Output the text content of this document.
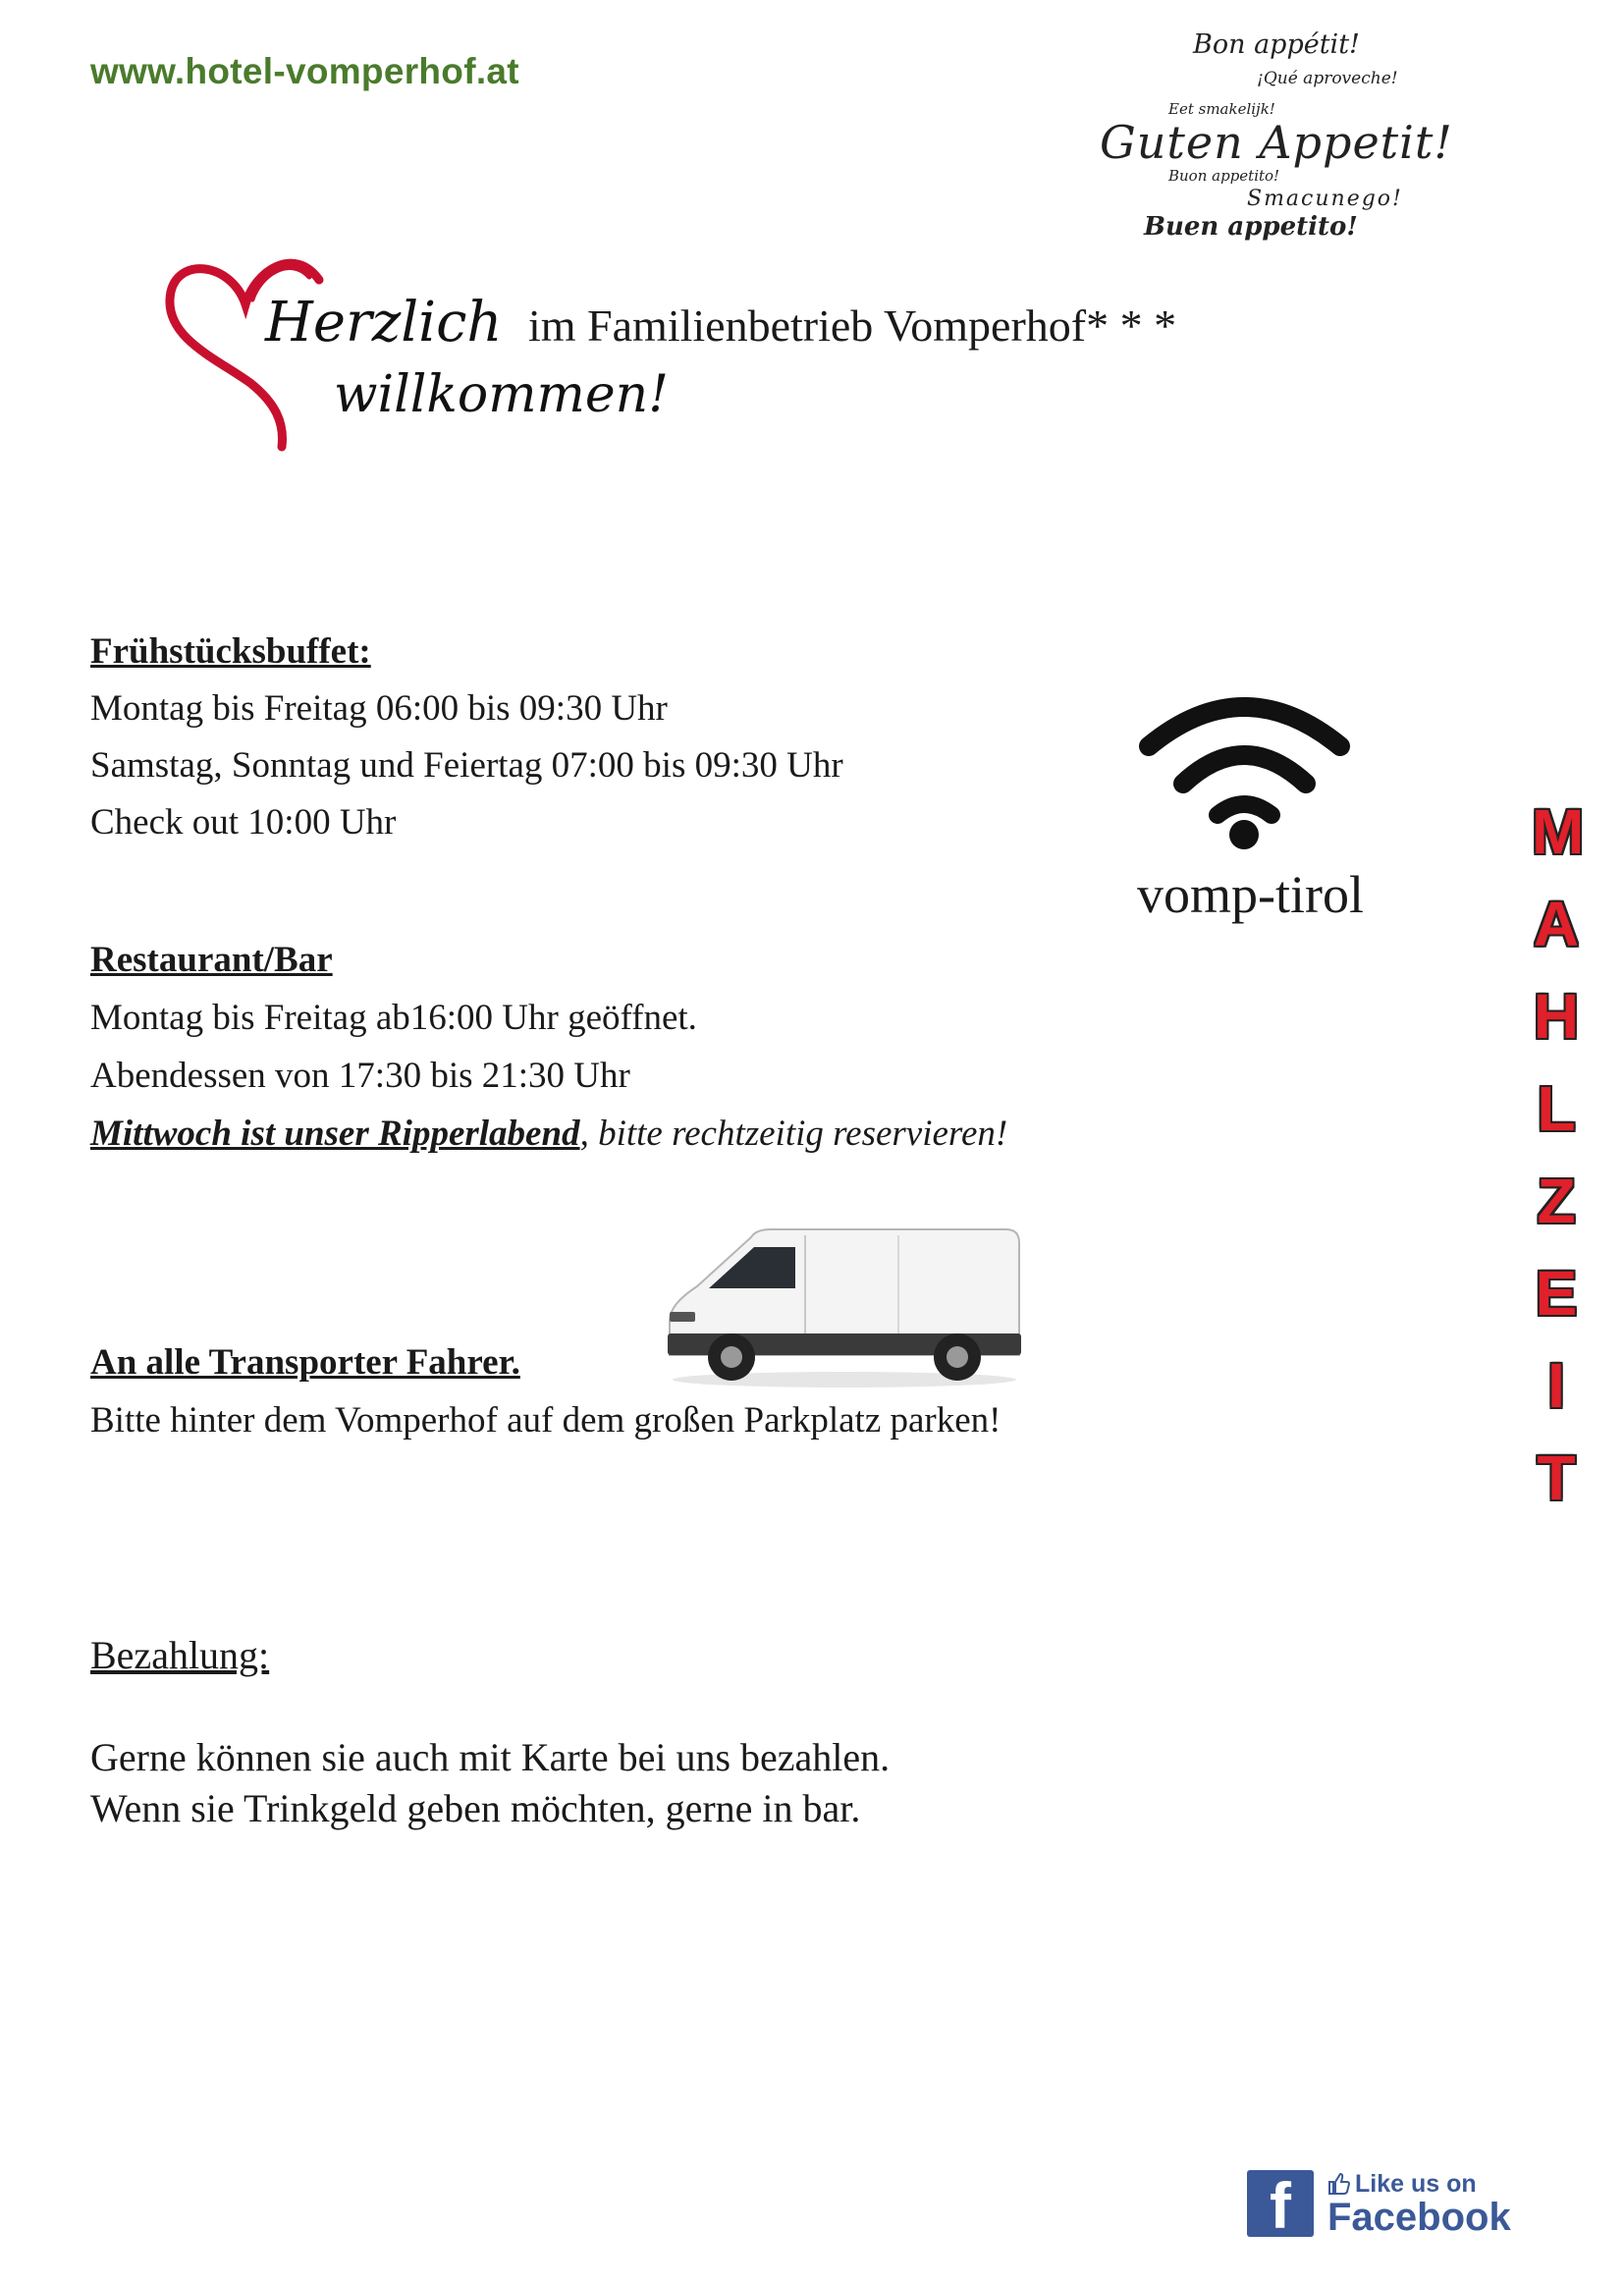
www.hotel-vomperhof.at
Bon appétit!
¡Qué aproveche!
Eet smakelijk!
Guten Appetit!
Buon appetito!
Smacunego!
Buen appetito!
Herzlich
willkommen!
im Familienbetrieb Vomperhof* * *
Frühstücksbuffet:
Montag bis Freitag 06:00 bis 09:30 Uhr
Samstag, Sonntag und Feiertag 07:00 bis 09:30 Uhr
Check out 10:00 Uhr
vomp-tirol
Restaurant/Bar
Montag bis Freitag ab16:00 Uhr geöffnet.
Abendessen von 17:30 bis 21:30 Uhr
Mittwoch ist unser Ripperlabend, bitte rechtzeitig reservieren!
An alle Transporter Fahrer.
Bitte hinter dem Vomperhof auf dem großen Parkplatz parken!
Bezahlung:
Gerne können sie auch mit Karte bei uns bezahlen.
Wenn sie Trinkgeld geben möchten, gerne in bar.
M
A
H
L
Z
E
I
T
f	Like us on
Facebook
